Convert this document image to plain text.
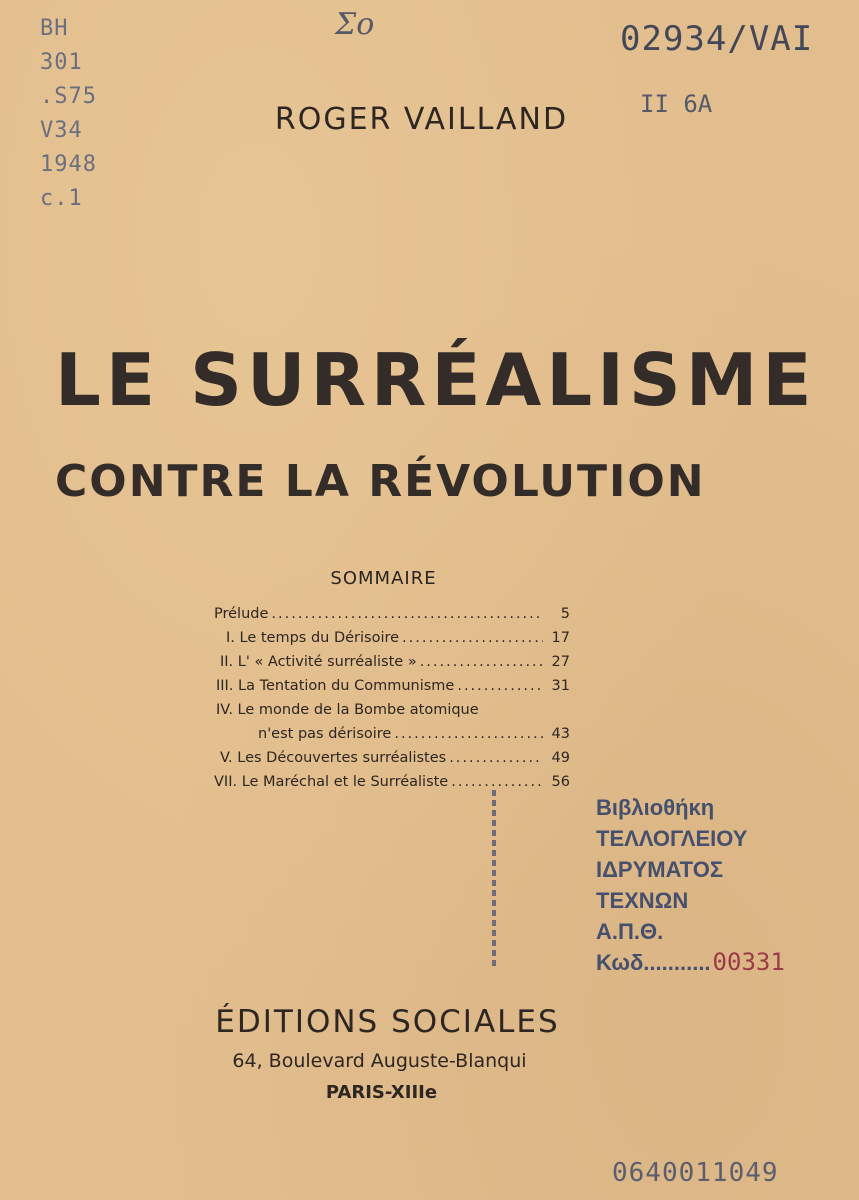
BH
301
.S75
V34
1948
c.1
Σο	02934/VAI
II 6A
ROGER VAILLAND
LE SURRÉALISME
CONTRE LA RÉVOLUTION
SOMMAIRE
Prélude .....	5
I. Le temps du Dérisoire .....	17
II. L' « Activité surréaliste » .....	27
III. La Tentation du Communisme .....	31
IV. Le monde de la Bombe atomique
n'est pas dérisoire .....	43
V. Les Découvertes surréalistes .....	49
VII. Le Maréchal et le Surréaliste .....	56
Βιβλιοθήκη
ΤΕΛΛΟΓΛΕΙΟΥ
ΙΔΡΥΜΑΤΟΣ
ΤΕΧΝΩΝ
Α.Π.Θ.
Κωδ...........00331
ÉDITIONS SOCIALES
64, Boulevard Auguste-Blanqui
PARIS-XIIIe
0640011049
